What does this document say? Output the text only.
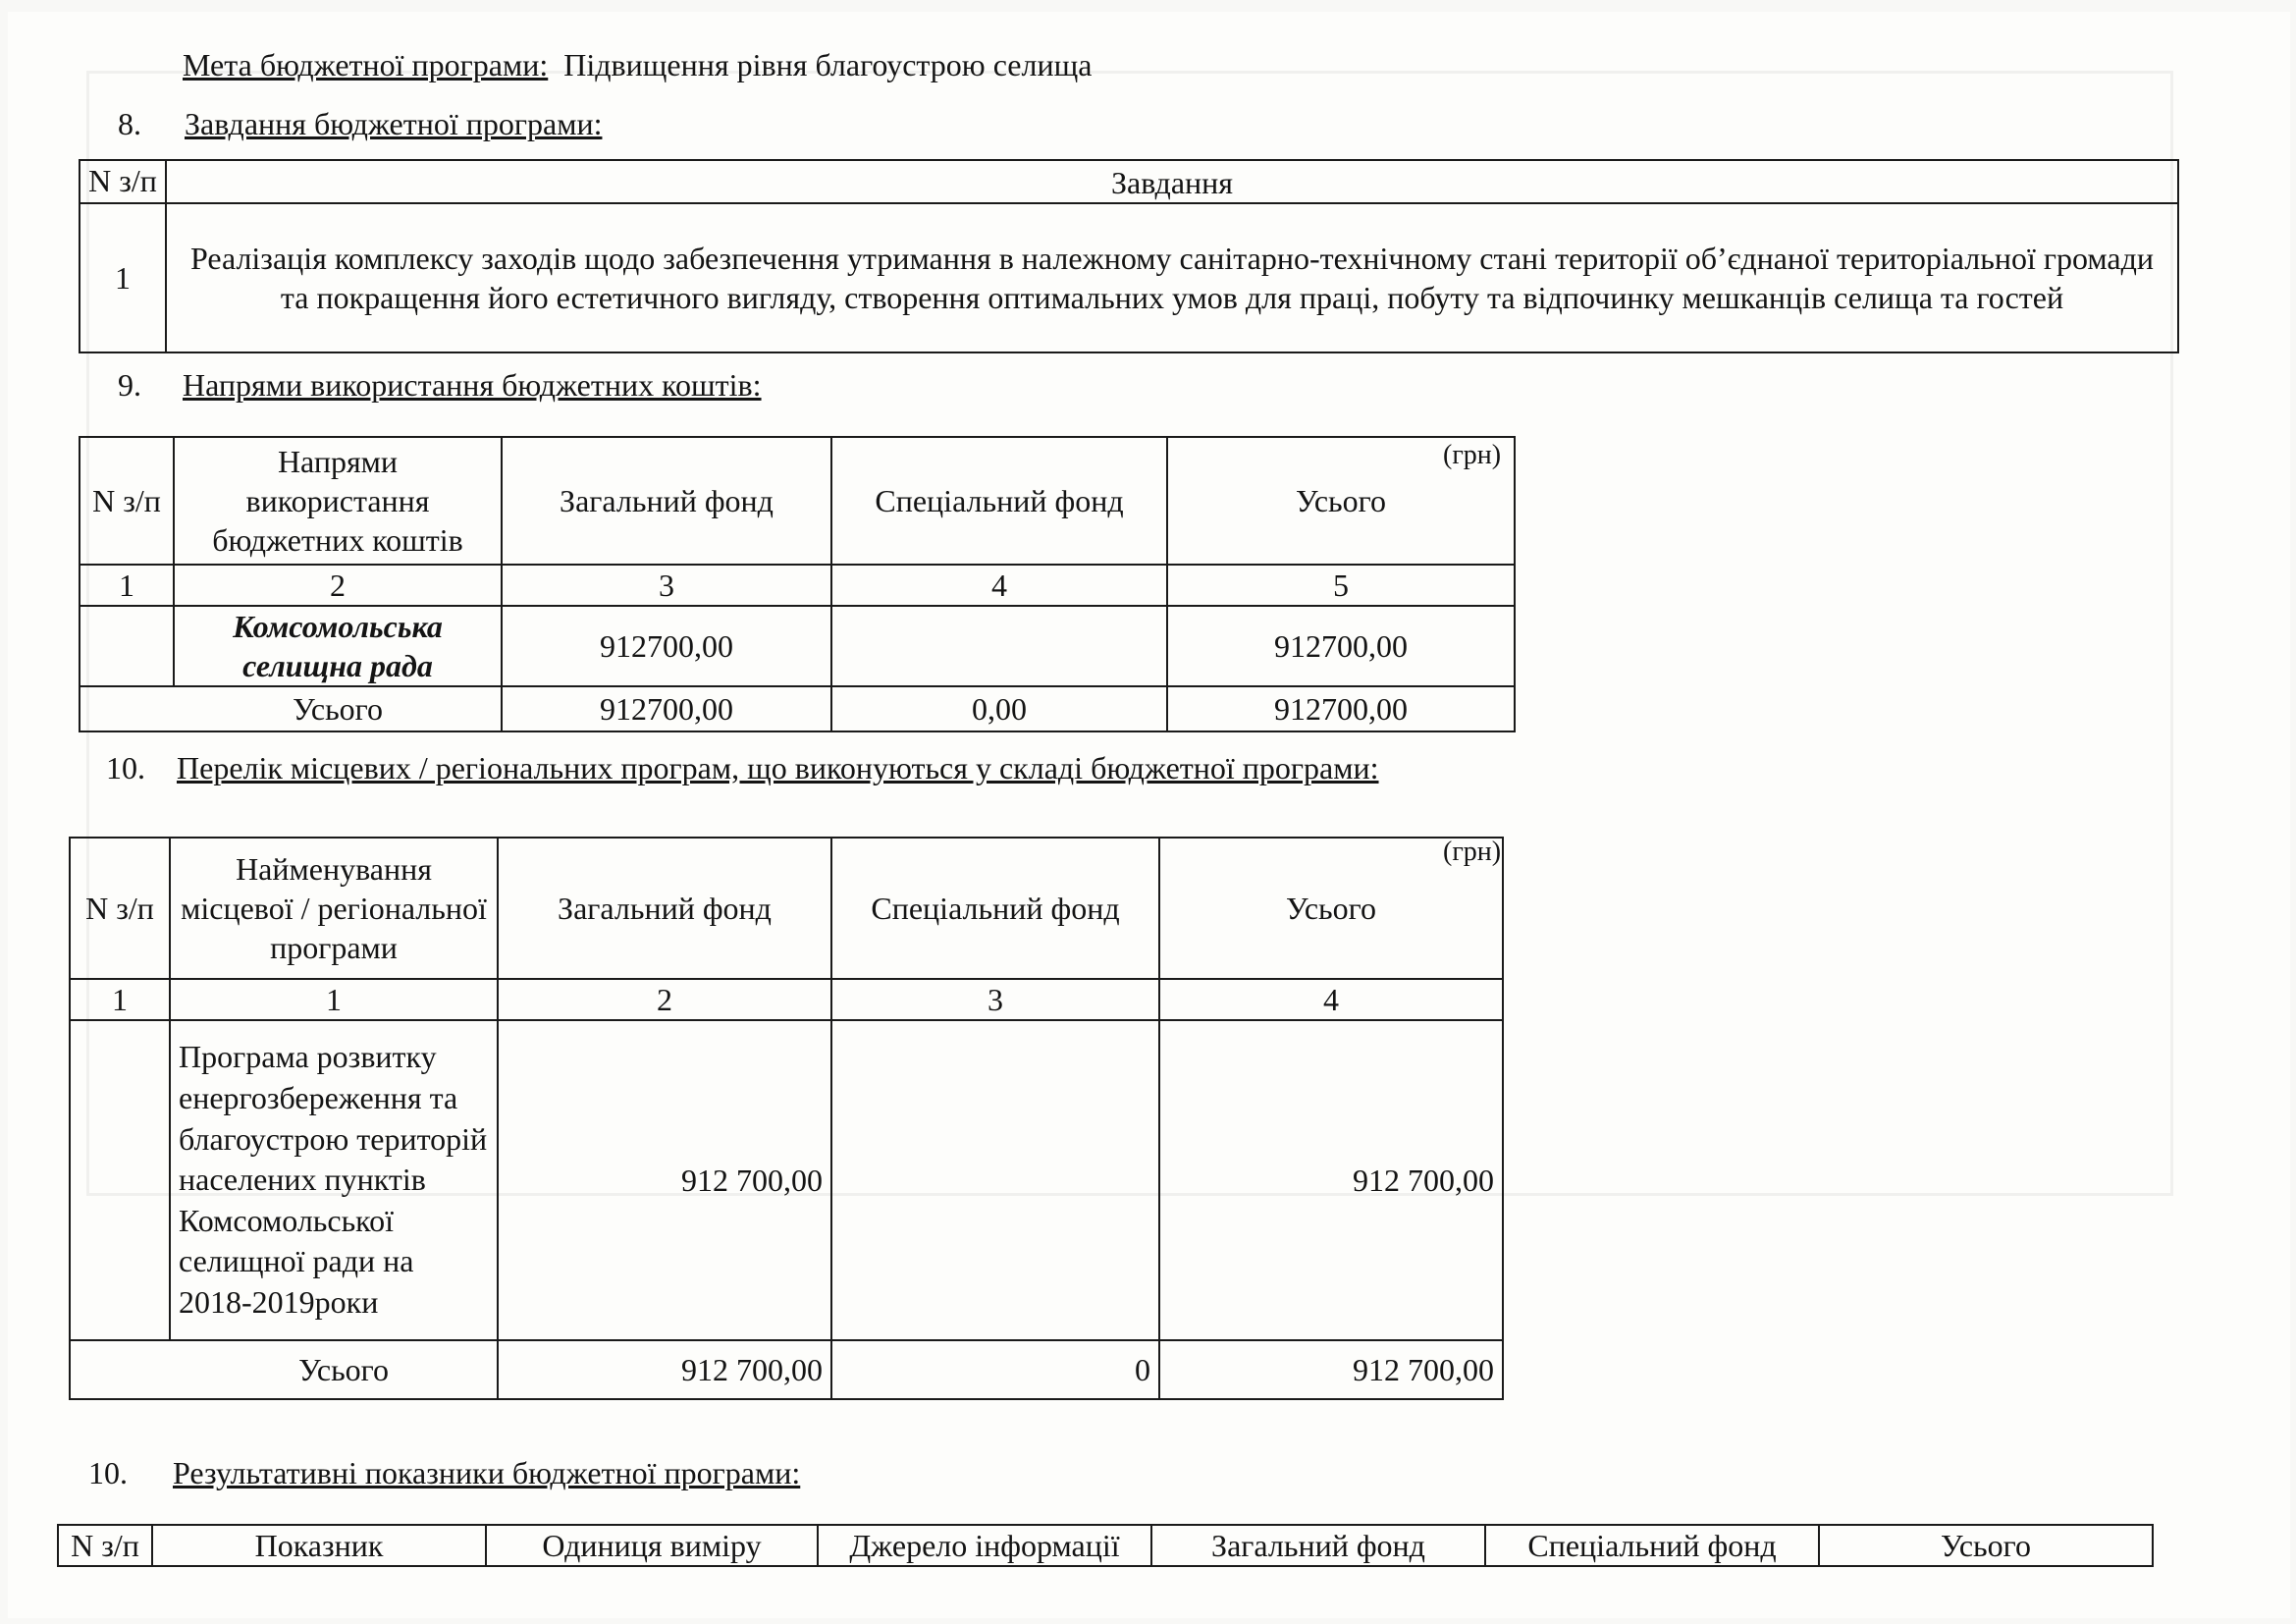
Мета бюджетної програми: Підвищення рівня благоустрою селища
8. Завдання бюджетної програми:
N з/п	Завдання
1	Реалізація комплексу заходів щодо забезпечення утримання в належному санітарно-технічному стані території об’єднаної територіальної громади та покращення його естетичного вигляду, створення оптимальних умов для праці, побуту та відпочинку мешканців селища та гостей
9. Напрями використання бюджетних коштів:
N з/п	Напрями використання бюджетних коштів	Загальний фонд	Спеціальний фонд	Усього
1	2	3	4	5
	Комсомольська селищна рада	912700,00		912700,00
Усього		912700,00	0,00	912700,00
(грн)
10. Перелік місцевих / регіональних програм, що виконуються у складі бюджетної програми:
N з/п	Найменування місцевої / регіональної програми	Загальний фонд	Спеціальний фонд	Усього
1	1	2	3	4
	Програма розвитку енергозбереження та благоустрою територій населених пунктів Комсомольської селищної ради на 2018-2019роки	912 700,00		912 700,00
Усього		912 700,00	0	912 700,00
(грн)
10. Результативні показники бюджетної програми:
N з/п	Показник	Одиниця виміру	Джерело інформації	Загальний фонд	Спеціальний фонд	Усього
